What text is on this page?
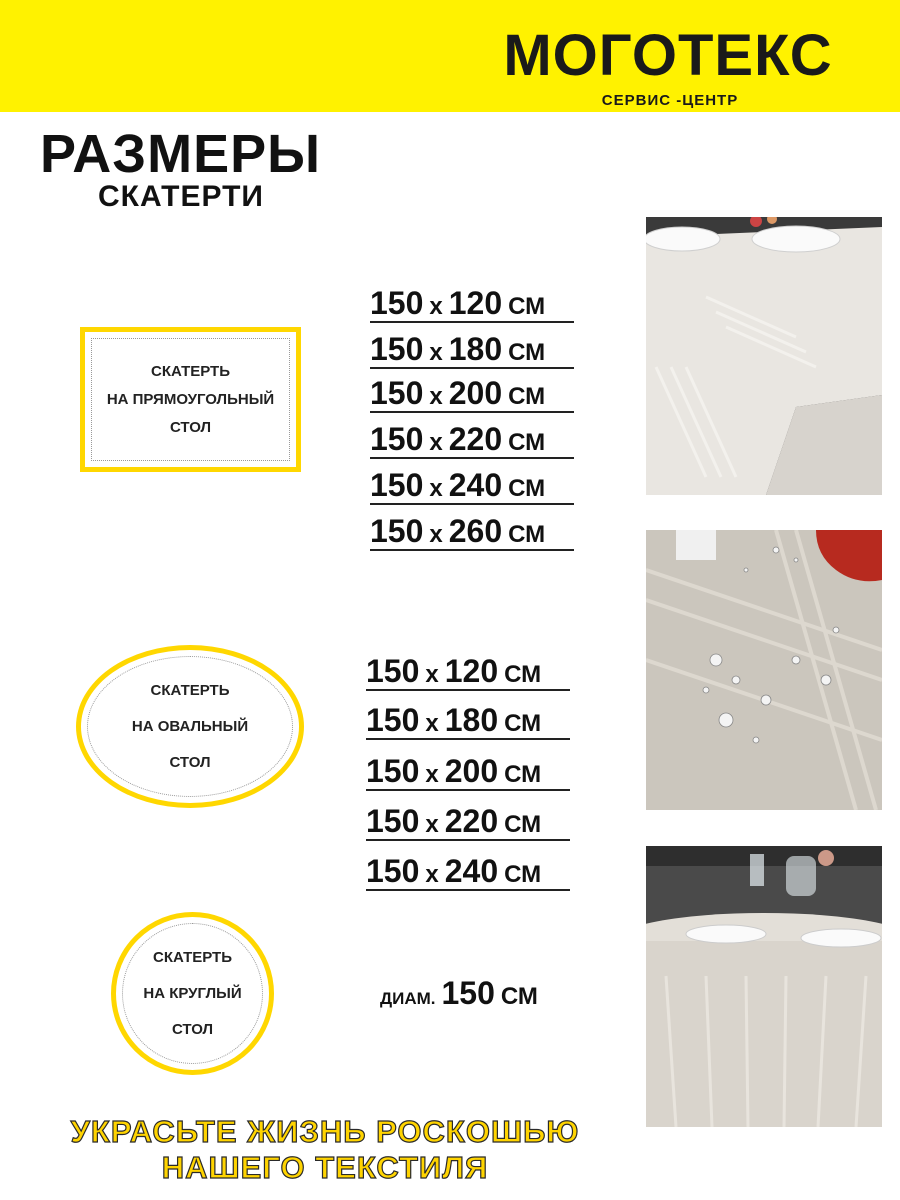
МОГОТЕКС
СЕРВИС -ЦЕНТР
РАЗМЕРЫ
СКАТЕРТИ
СКАТЕРТЬ
НА ПРЯМОУГОЛЬНЫЙ
СТОЛ
150 х 120 СМ
150 х 180 СМ
150 х 200 СМ
150 х 220 СМ
150 х 240 СМ
150 х 260 СМ
СКАТЕРТЬ
НА ОВАЛЬНЫЙ
СТОЛ
150 х 120 СМ
150 х 180 СМ
150 х 200 СМ
150 х 220 СМ
150 х 240 СМ
СКАТЕРТЬ
НА КРУГЛЫЙ
СТОЛ
ДИАМ. 150 СМ
УКРАСЬТЕ ЖИЗНЬ РОСКОШЬЮ
НАШЕГО ТЕКСТИЛЯ
